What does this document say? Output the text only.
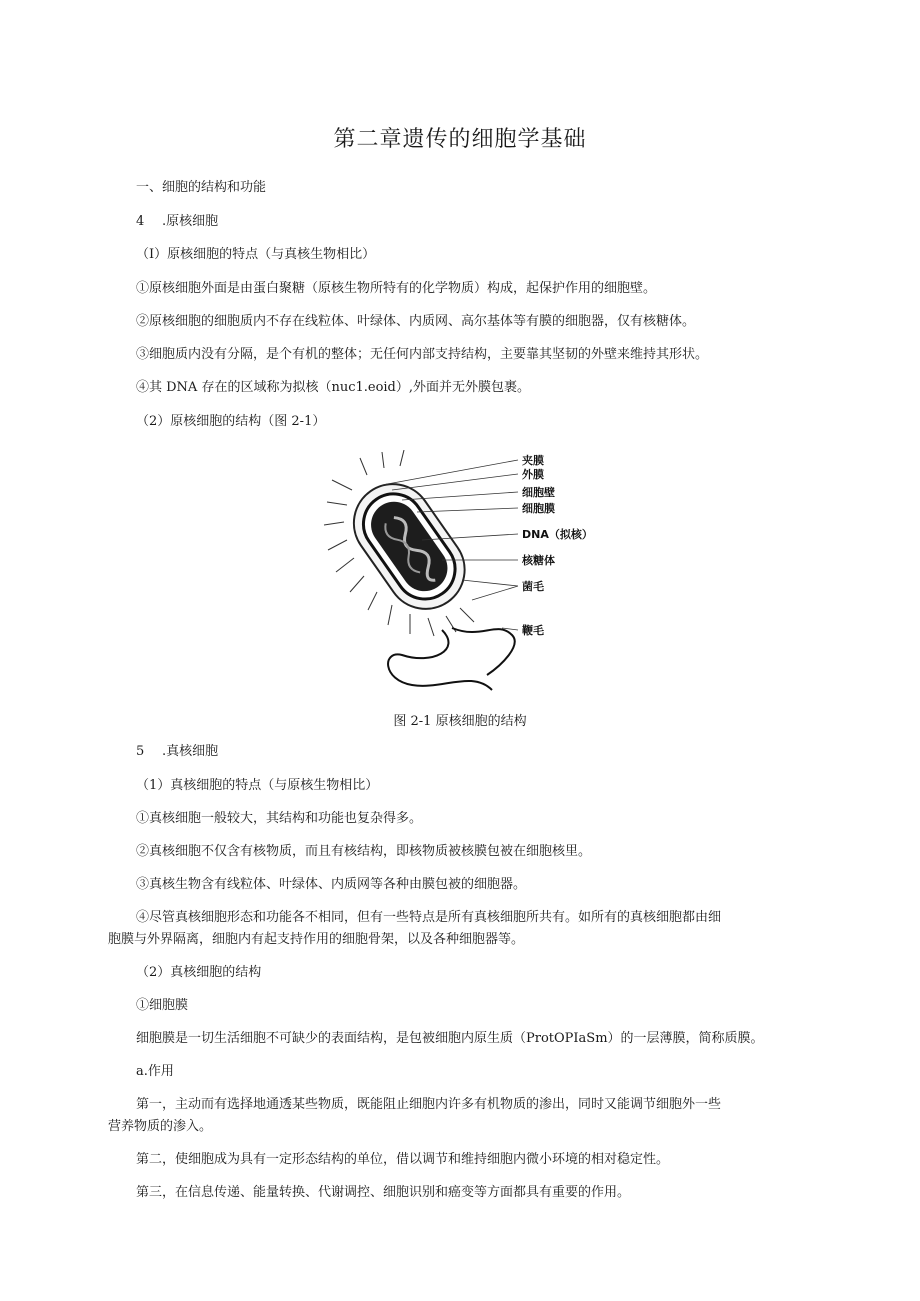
第二章遗传的细胞学基础
一、细胞的结构和功能
4 .原核细胞
（I）原核细胞的特点（与真核生物相比）
①原核细胞外面是由蛋白聚糖（原核生物所特有的化学物质）构成，起保护作用的细胞壁。
②原核细胞的细胞质内不存在线粒体、叶绿体、内质网、高尔基体等有膜的细胞器，仅有核糖体。
③细胞质内没有分隔，是个有机的整体；无任何内部支持结构，主要靠其坚韧的外壁来维持其形状。
④其 DNA 存在的区域称为拟核（nuc1.eoid）,外面并无外膜包裹。
（2）原核细胞的结构（图 2-1）
夹膜
外膜
细胞壁
细胞膜
DNA（拟核）
核糖体
菌毛
鞭毛
图 2-1 原核细胞的结构
5 .真核细胞
（1）真核细胞的特点（与原核生物相比）
①真核细胞一般较大，其结构和功能也复杂得多。
②真核细胞不仅含有核物质，而且有核结构，即核物质被核膜包被在细胞核里。
③真核生物含有线粒体、叶绿体、内质网等各种由膜包被的细胞器。
④尽管真核细胞形态和功能各不相同，但有一些特点是所有真核细胞所共有。如所有的真核细胞都由细
胞膜与外界隔离，细胞内有起支持作用的细胞骨架，以及各种细胞器等。
（2）真核细胞的结构
①细胞膜
细胞膜是一切生活细胞不可缺少的表面结构，是包被细胞内原生质（ProtOPIaSm）的一层薄膜，简称质膜。
a.作用
第一，主动而有选择地通透某些物质，既能阻止细胞内许多有机物质的渗出，同时又能调节细胞外一些
营养物质的渗入。
第二，使细胞成为具有一定形态结构的单位，借以调节和维持细胞内微小环境的相对稳定性。
第三，在信息传递、能量转换、代谢调控、细胞识别和癌变等方面都具有重要的作用。
